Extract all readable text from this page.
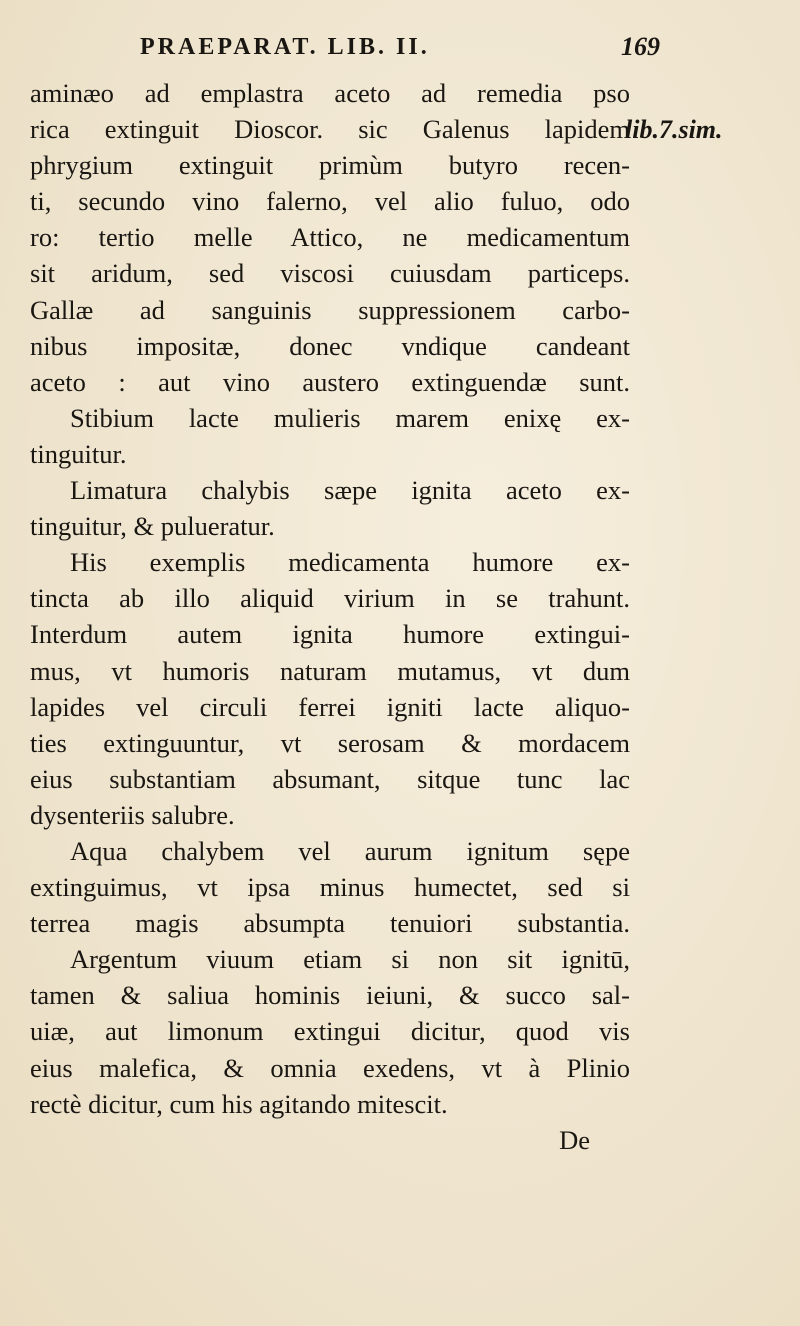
PRAEPARAT. LIB. II.	169
lib.7.sim.
aminæo ad emplastra aceto ad remedia pso
rica extinguit Dioscor. sic Galenus lapidem
phrygium extinguit primùm butyro recen-
ti, secundo vino falerno, vel alio fuluo, odo
ro: tertio melle Attico, ne medicamentum
sit aridum, sed viscosi cuiusdam particeps.
Gallæ ad sanguinis suppressionem carbo-
nibus impositæ, donec vndique candeant
aceto : aut vino austero extinguendæ sunt.
Stibium lacte mulieris marem enixę ex-
tinguitur.
Limatura chalybis sæpe ignita aceto ex-
tinguitur, & pulueratur.
His exemplis medicamenta humore ex-
tincta ab illo aliquid virium in se trahunt.
Interdum autem ignita humore extingui-
mus, vt humoris naturam mutamus, vt dum
lapides vel circuli ferrei igniti lacte aliquo-
ties extinguuntur, vt serosam & mordacem
eius substantiam absumant, sitque tunc lac
dysenteriis salubre.
Aqua chalybem vel aurum ignitum sępe
extinguimus, vt ipsa minus humectet, sed si
terrea magis absumpta tenuiori substantia.
Argentum viuum etiam si non sit ignitū,
tamen & saliua hominis ieiuni, & succo sal-
uiæ, aut limonum extingui dicitur, quod vis
eius malefica, & omnia exedens, vt à Plinio
rectè dicitur, cum his agitando mitescit.
De
